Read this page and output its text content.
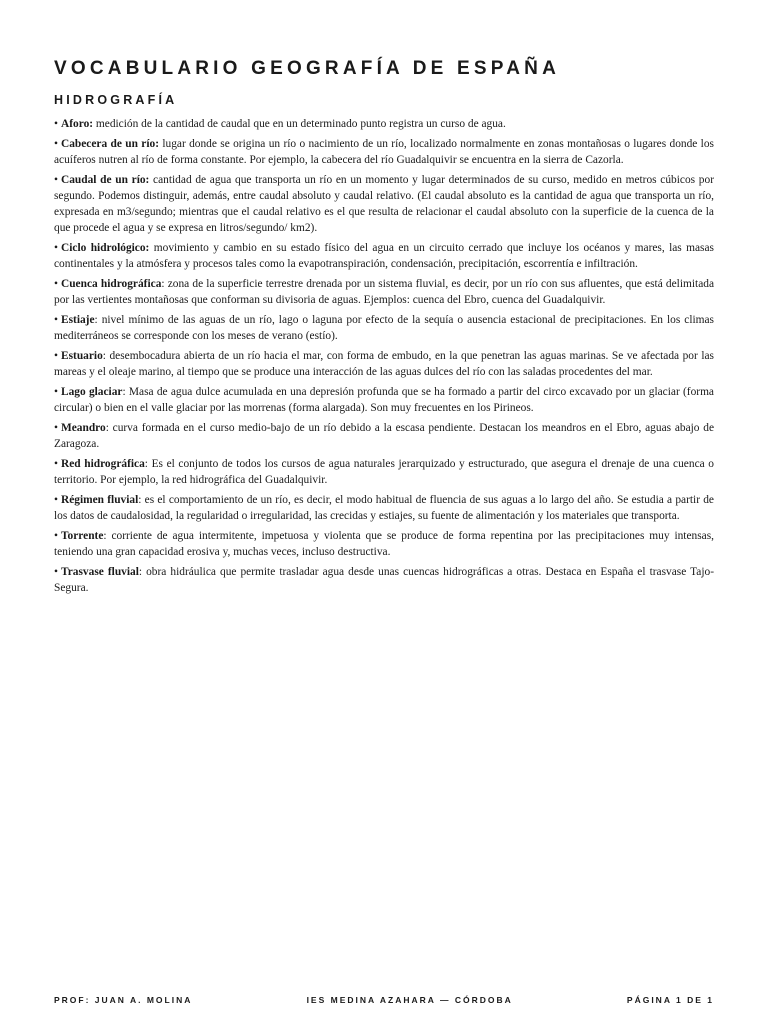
VOCABULARIO GEOGRAFÍA DE ESPAÑA
HIDROGRAFÍA
• Aforo: medición de la cantidad de caudal que en un determinado punto registra un curso de agua.
• Cabecera de un río: lugar donde se origina un río o nacimiento de un río, localizado normalmente en zonas montañosas o lugares donde los acuíferos nutren al río de forma constante. Por ejemplo, la cabecera del río Guadalquivir se encuentra en la sierra de Cazorla.
• Caudal de un río: cantidad de agua que transporta un río en un momento y lugar determinados de su curso, medido en metros cúbicos por segundo. Podemos distinguir, además, entre caudal absoluto y caudal relativo. (El caudal absoluto es la cantidad de agua que transporta un río, expresada en m3/segundo; mientras que el caudal relativo es el que resulta de relacionar el caudal absoluto con la superficie de la cuenca de la que procede el agua y se expresa en litros/segundo/ km2).
• Ciclo hidrológico: movimiento y cambio en su estado físico del agua en un circuito cerrado que incluye los océanos y mares, las masas continentales y la atmósfera y procesos tales como la evapotranspiración, condensación, precipitación, escorrentía e infiltración.
• Cuenca hidrográfica: zona de la superficie terrestre drenada por un sistema fluvial, es decir, por un río con sus afluentes, que está delimitada por las vertientes montañosas que conforman su divisoria de aguas. Ejemplos: cuenca del Ebro, cuenca del Guadalquivir.
• Estiaje: nivel mínimo de las aguas de un río, lago o laguna por efecto de la sequía o ausencia estacional de precipitaciones. En los climas mediterráneos se corresponde con los meses de verano (estío).
• Estuario: desembocadura abierta de un río hacia el mar, con forma de embudo, en la que penetran las aguas marinas. Se ve afectada por las mareas y el oleaje marino, al tiempo que se produce una interacción de las aguas dulces del río con las saladas procedentes del mar.
• Lago glaciar: Masa de agua dulce acumulada en una depresión profunda que se ha formado a partir del circo excavado por un glaciar (forma circular) o bien en el valle glaciar por las morrenas (forma alargada). Son muy frecuentes en los Pirineos.
• Meandro: curva formada en el curso medio-bajo de un río debido a la escasa pendiente. Destacan los meandros en el Ebro, aguas abajo de Zaragoza.
• Red hidrográfica: Es el conjunto de todos los cursos de agua naturales jerarquizado y estructurado, que asegura el drenaje de una cuenca o territorio. Por ejemplo, la red hidrográfica del Guadalquivir.
• Régimen fluvial: es el comportamiento de un río, es decir, el modo habitual de fluencia de sus aguas a lo largo del año. Se estudia a partir de los datos de caudalosidad, la regularidad o irregularidad, las crecidas y estiajes, su fuente de alimentación y los materiales que transporta.
• Torrente: corriente de agua intermitente, impetuosa y violenta que se produce de forma repentina por las precipitaciones muy intensas, teniendo una gran capacidad erosiva y, muchas veces, incluso destructiva.
• Trasvase fluvial: obra hidráulica que permite trasladar agua desde unas cuencas hidrográficas a otras. Destaca en España el trasvase Tajo-Segura.
PROF: JUAN A. MOLINA	IES MEDINA AZAHARA — CÓRDOBA	PÁGINA 1 DE 1
